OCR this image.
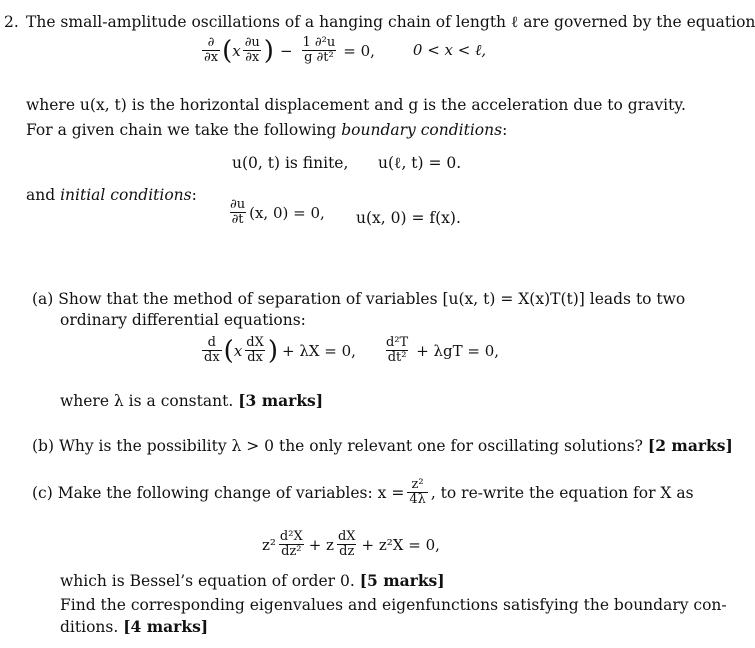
2. The small-amplitude oscillations of a hanging chain of length ℓ are governed by the equation
$\frac{\partial}{\partial x}$ ( x $\frac{\partial u}{\partial x}$ ) − $\frac{\text{1 ∂²u}}{\text{g ∂t²}} = 0$,	0 < x < ℓ,
where u(x, t) is the horizontal displacement and g is the acceleration due to gravity.
For a given chain we take the following boundary conditions:
u(0, t) is finite, u(ℓ, t) = 0.
and initial conditions:
$\frac{\partial u}{\partial t} (x$, 0) = 0, u(x, 0) = f(x).
(a) Show that the method of separation of variables [u(x, t) = X(x)T(t)] leads to two
ordinary differential equations:
$\frac{d}{dx}$ ( x $\frac{dX}{dx}$ ) + λX = 0, $\frac{\text{d²T}}{\text{dt²}} + \lambda gT = 0$,
where λ is a constant. [3 marks]
(b) Why is the possibility λ > 0 the only relevant one for oscillating solutions? [2 marks]
(c) Make the following change of variables: $x = \frac{\text{z²}}{4\lambda}$ , to re-write the equation for X as
$z^2 \frac{\text{d²X}}{\text{dz²}} + z \frac{dX}{dz} + z^2X = 0$,
which is Bessel’s equation of order 0. [5 marks]
Find the corresponding eigenvalues and eigenfunctions satisfying the boundary con-
ditions. [4 marks]
